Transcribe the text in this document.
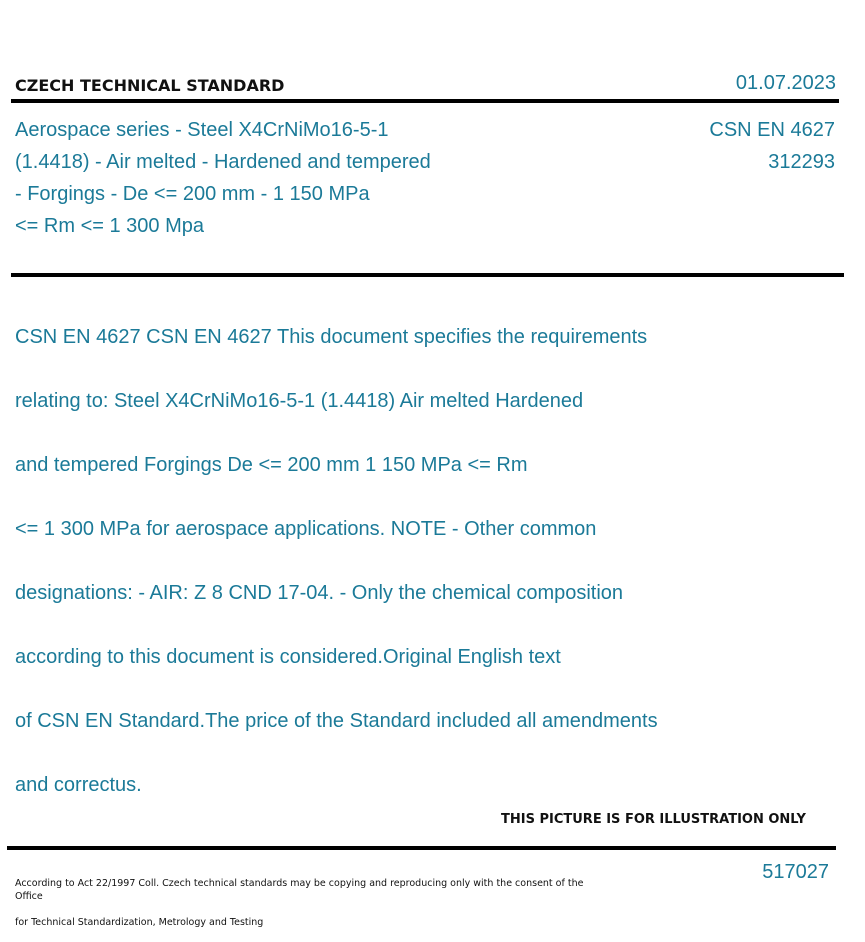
CZECH TECHNICAL STANDARD	01.07.2023
Aerospace series - Steel X4CrNiMo16-5-1
(1.4418) - Air melted - Hardened and tempered
- Forgings - De <= 200 mm - 1 150 MPa
<= Rm <= 1 300 Mpa
CSN EN 4627
312293

CSN EN 4627 CSN EN 4627 This document specifies the requirements

relating to: Steel X4CrNiMo16-5-1 (1.4418) Air melted Hardened

and tempered Forgings De <= 200 mm 1 150 MPa <= Rm

<= 1 300 MPa for aerospace applications. NOTE - Other common

designations: - AIR: Z 8 CND 17-04. - Only the chemical composition

according to this document is considered.Original English text

of CSN EN Standard.The price of the Standard included all amendments

and correctus.

THIS PICTURE IS FOR ILLUSTRATION ONLY

According to Act 22/1997 Coll. Czech technical standards may be copying and reproducing only with the consent of the Office

for Technical Standardization, Metrology and Testing

517027
